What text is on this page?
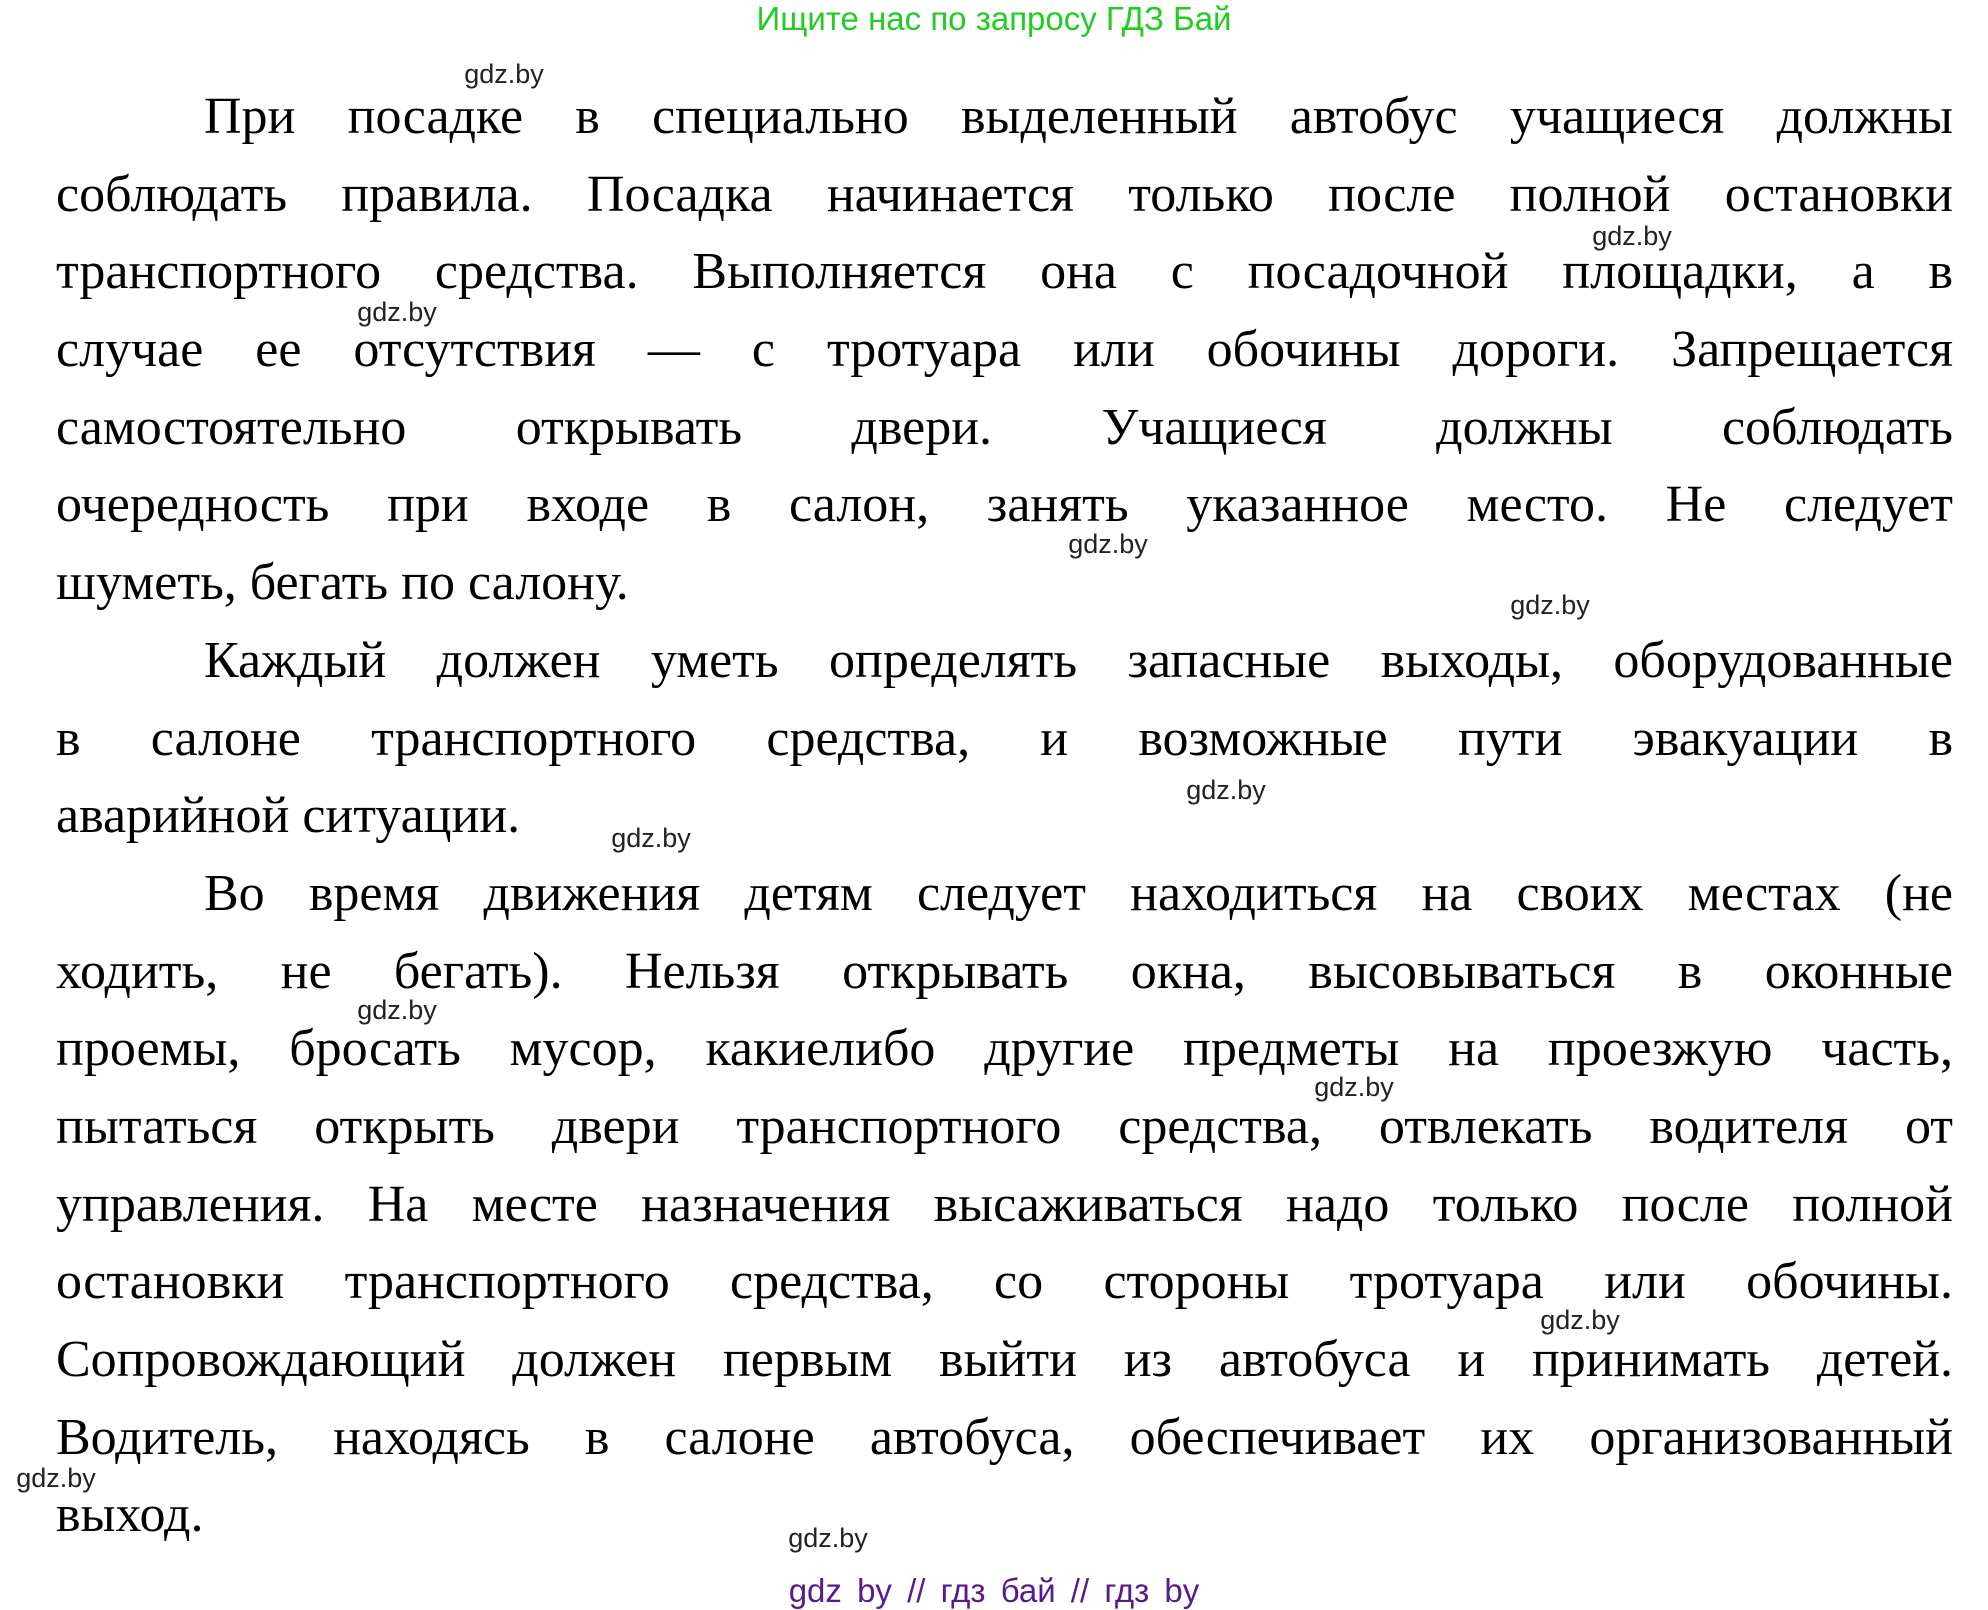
Ищите нас по запросу ГДЗ Бай
При посадке в специально выделенный автобус учащиеся должны
соблюдать правила. Посадка начинается только после полной остановки
транспортного средства. Выполняется она с посадочной площадки, а в
случае ее отсутствия — с тротуара или обочины дороги. Запрещается
самостоятельно открывать двери. Учащиеся должны соблюдать
очередность при входе в салон, занять указанное место. Не следует
шуметь, бегать по салону.
Каждый должен уметь определять запасные выходы, оборудованные
в салоне транспортного средства, и возможные пути эвакуации в
аварийной ситуации.
Во время движения детям следует находиться на своих местах (не
ходить, не бегать). Нельзя открывать окна, высовываться в оконные
проемы, бросать мусор, какиелибо другие предметы на проезжую часть,
пытаться открыть двери транспортного средства, отвлекать водителя от
управления. На месте назначения высаживаться надо только после полной
остановки транспортного средства, со стороны тротуара или обочины.
Сопровождающий должен первым выйти из автобуса и принимать детей.
Водитель, находясь в салоне автобуса, обеспечивает их организованный
выход.
gdz.by
gdz.by
gdz.by
gdz.by
gdz.by
gdz.by
gdz.by
gdz.by
gdz.by
gdz.by
gdz.by
gdz.by
gdz by // гдз бай // гдз by
